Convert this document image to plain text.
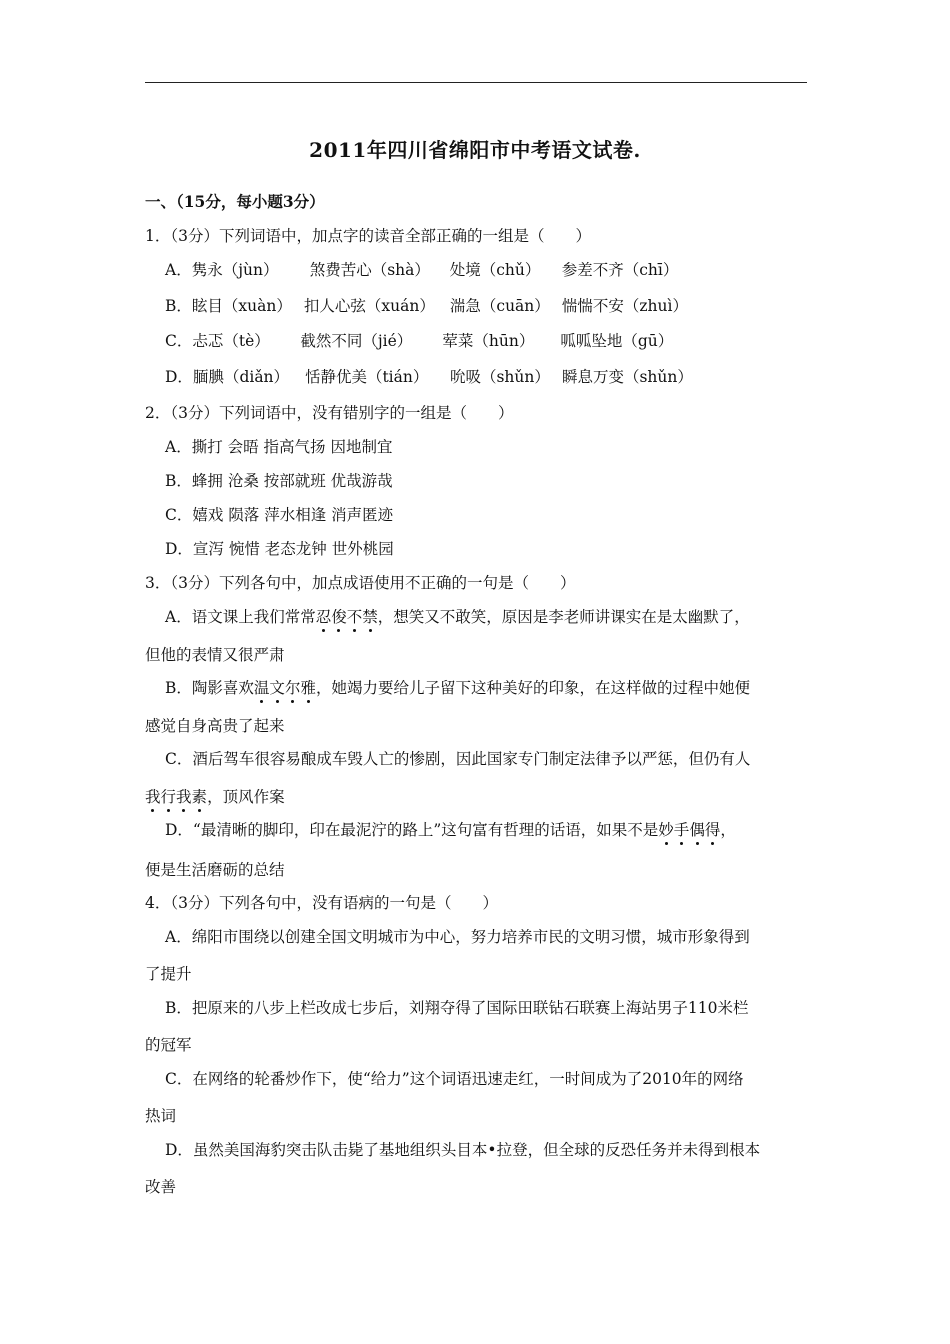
2011年四川省绵阳市中考语文试卷.
一、（15分，每小题3分）
1．（3分）下列词语中，加点字的读音全部正确的一组是（　　）
A．隽永（jùn） 煞费苦心（shà） 处境（chǔ） 参差不齐（chī）
B．眩目（xuàn） 扣人心弦（xuán） 湍急（cuān） 惴惴不安（zhuì）
C．忐忑（tè） 截然不同（jié） 荤菜（hūn） 呱呱坠地（gū）
D．腼腆（diǎn） 恬静优美（tián） 吮吸（shǔn） 瞬息万变（shǔn）
2．（3分）下列词语中，没有错别字的一组是（　　）
A．撕打 会晤 指高气扬 因地制宜
B．蜂拥 沧桑 按部就班 优哉游哉
C．嬉戏 陨落 萍水相逢 消声匿迹
D．宣泻 惋惜 老态龙钟 世外桃园
3．（3分）下列各句中，加点成语使用不正确的一句是（　　）
A．语文课上我们常常忍俊不禁，想笑又不敢笑，原因是李老师讲课实在是太幽默了，
但他的表情又很严肃
B．陶影喜欢温文尔雅，她竭力要给儿子留下这种美好的印象，在这样做的过程中她便
感觉自身高贵了起来
C．酒后驾车很容易酿成车毁人亡的惨剧，因此国家专门制定法律予以严惩，但仍有人
我行我素，顶风作案
D．“最清晰的脚印，印在最泥泞的路上”这句富有哲理的话语，如果不是妙手偶得，
便是生活磨砺的总结
4．（3分）下列各句中，没有语病的一句是（　　）
A．绵阳市围绕以创建全国文明城市为中心，努力培养市民的文明习惯，城市形象得到
了提升
B．把原来的八步上栏改成七步后，刘翔夺得了国际田联钻石联赛上海站男子110米栏
的冠军
C．在网络的轮番炒作下，使“给力”这个词语迅速走红，一时间成为了2010年的网络
热词
D．虽然美国海豹突击队击毙了基地组织头目本•拉登，但全球的反恐任务并未得到根本
改善
